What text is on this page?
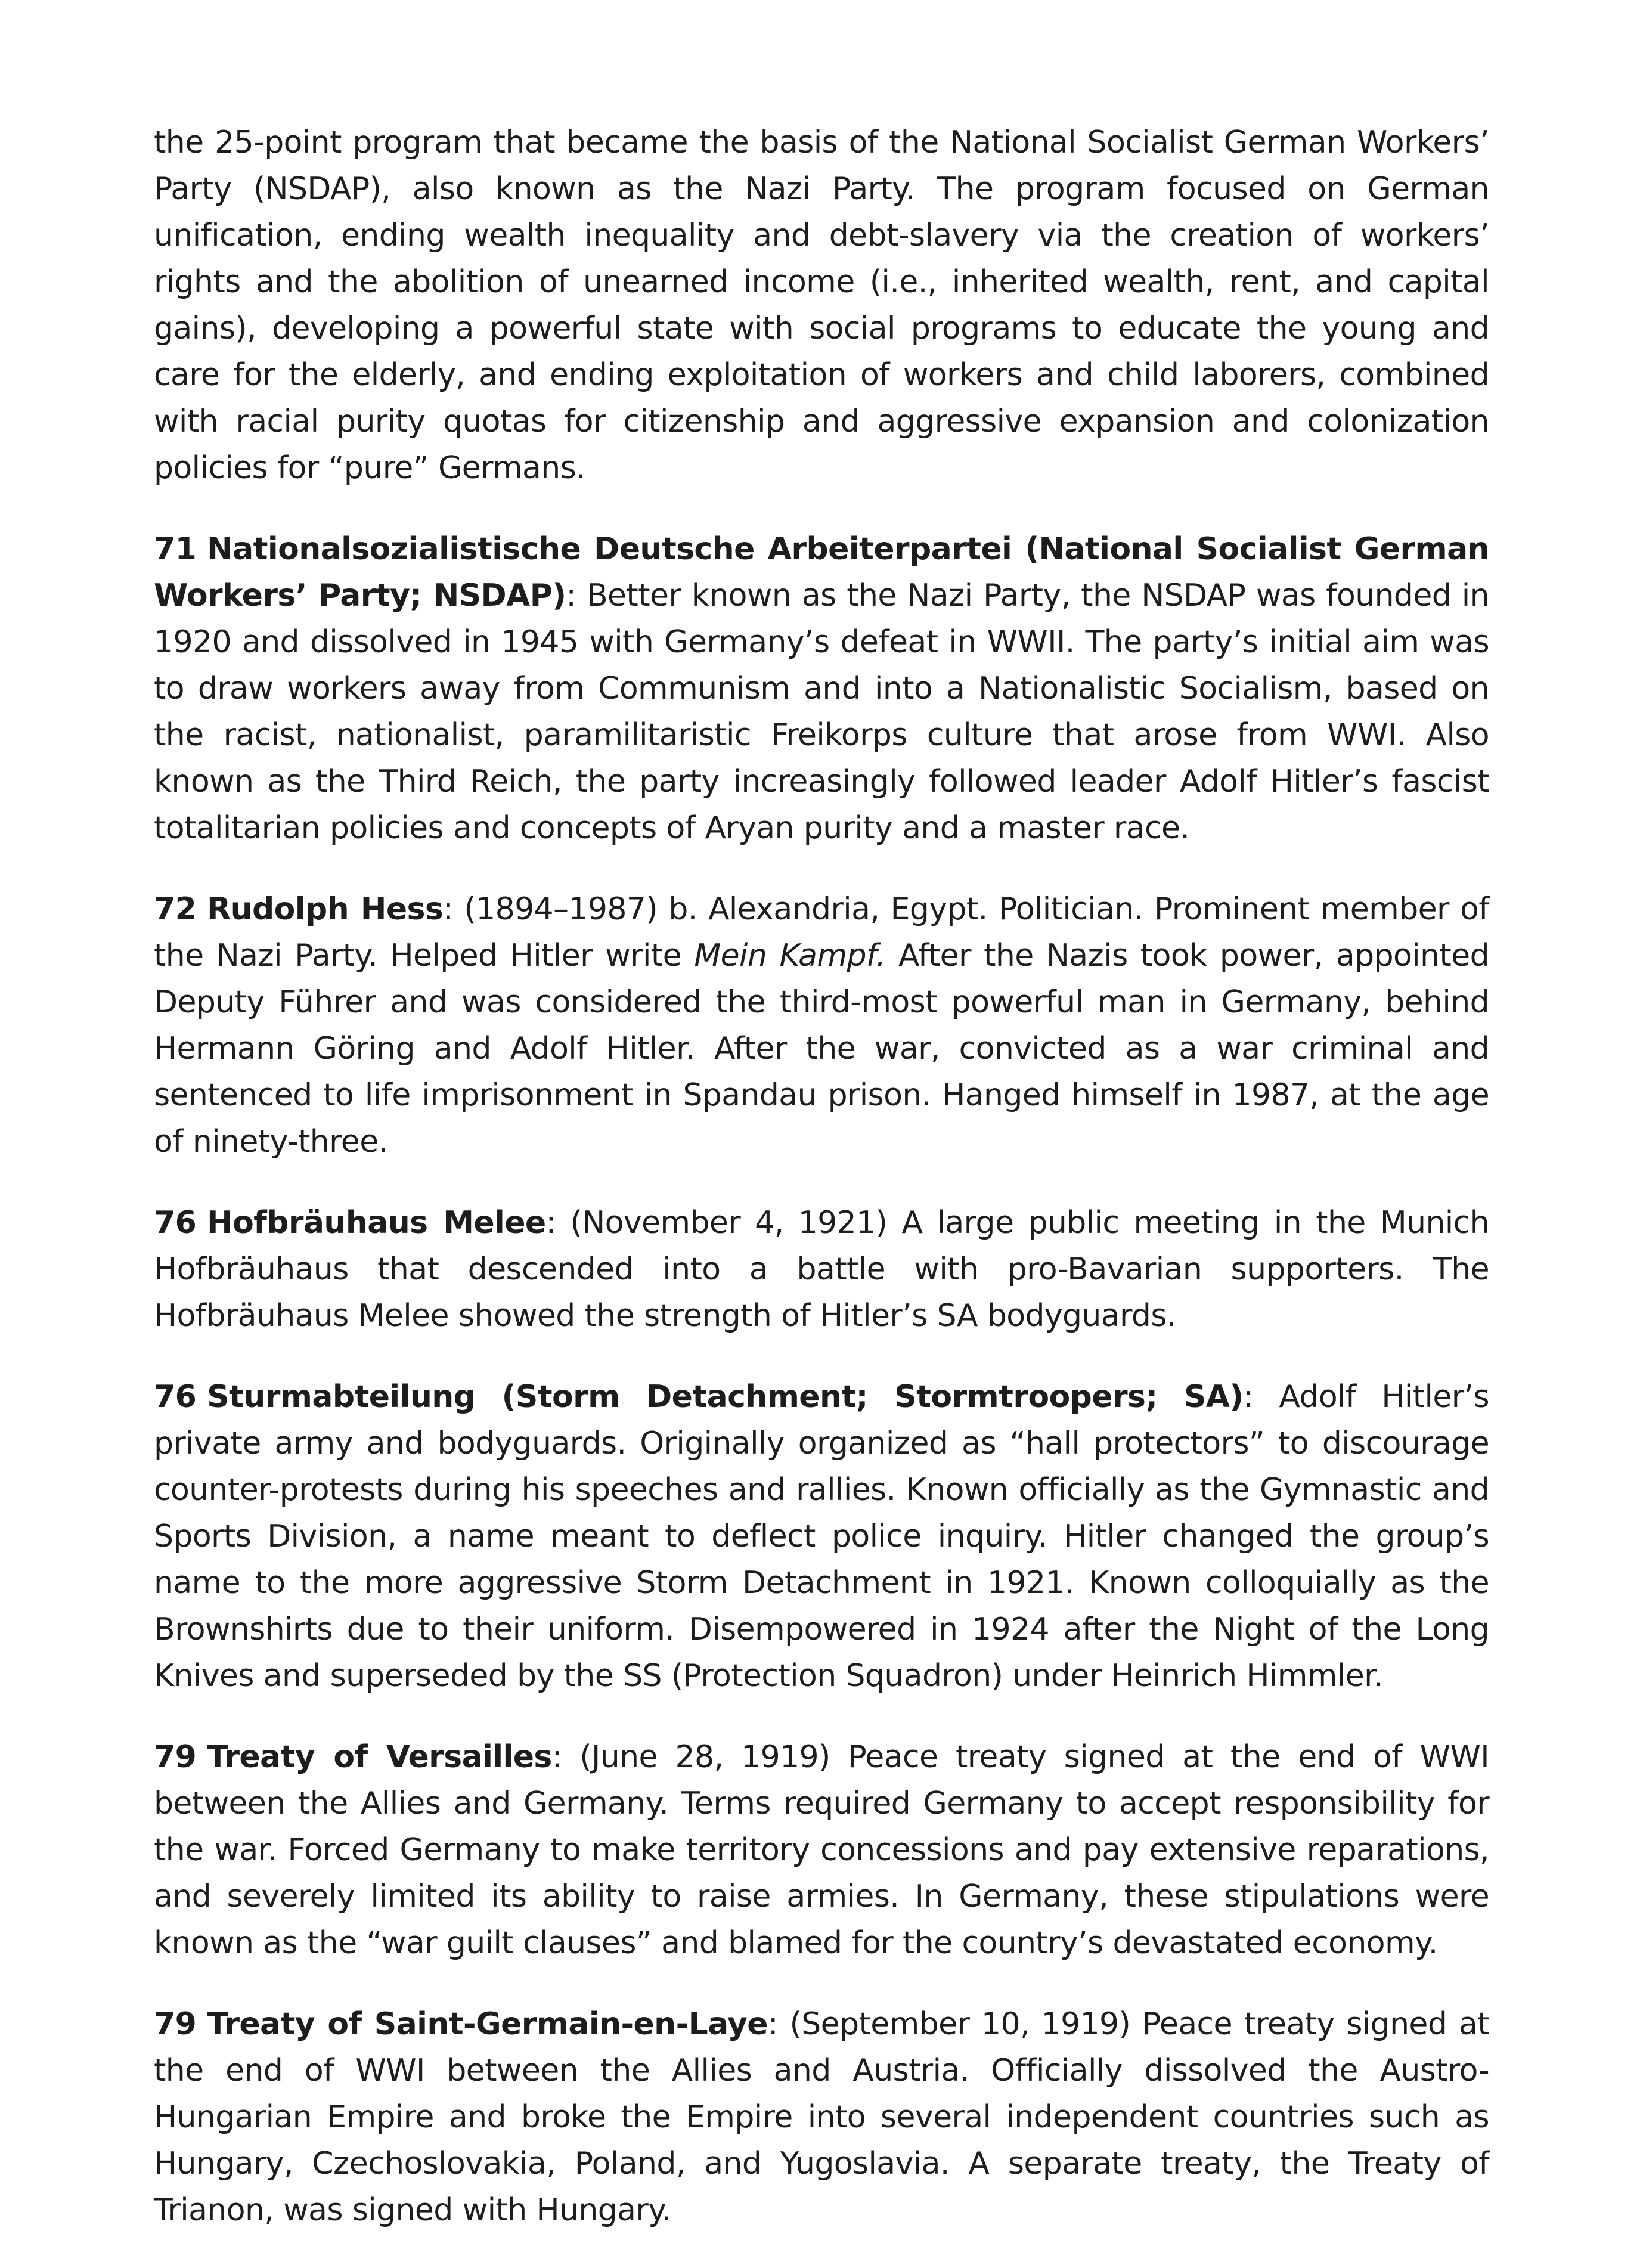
the 25-point program that became the basis of the National Socialist German Workers’ Party (NSDAP), also known as the Nazi Party. The program focused on German unification, ending wealth inequality and debt-slavery via the creation of workers’ rights and the abolition of unearned income (i.e., inherited wealth, rent, and capital gains), developing a powerful state with social programs to educate the young and care for the elderly, and ending exploitation of workers and child laborers, combined with racial purity quotas for citizenship and aggressive expansion and colonization policies for “pure” Germans.

71 Nationalsozialistische Deutsche Arbeiterpartei (National Socialist German Workers’ Party; NSDAP): Better known as the Nazi Party, the NSDAP was founded in 1920 and dissolved in 1945 with Germany’s defeat in WWII. The party’s initial aim was to draw workers away from Communism and into a Nationalistic Socialism, based on the racist, nationalist, paramilitaristic Freikorps culture that arose from WWI. Also known as the Third Reich, the party increasingly followed leader Adolf Hitler’s fascist totalitarian policies and concepts of Aryan purity and a master race.

72 Rudolph Hess: (1894–1987) b. Alexandria, Egypt. Politician. Prominent member of the Nazi Party. Helped Hitler write Mein Kampf. After the Nazis took power, appointed Deputy Führer and was considered the third-most powerful man in Germany, behind Hermann Göring and Adolf Hitler. After the war, convicted as a war criminal and sentenced to life imprisonment in Spandau prison. Hanged himself in 1987, at the age of ninety-three.

76 Hofbräuhaus Melee: (November 4, 1921) A large public meeting in the Munich Hofbräuhaus that descended into a battle with pro-Bavarian supporters. The Hofbräuhaus Melee showed the strength of Hitler’s SA bodyguards.

76 Sturmabteilung (Storm Detachment; Stormtroopers; SA): Adolf Hitler’s private army and bodyguards. Originally organized as “hall protectors” to discourage counter-protests during his speeches and rallies. Known officially as the Gymnastic and Sports Division, a name meant to deflect police inquiry. Hitler changed the group’s name to the more aggressive Storm Detachment in 1921. Known colloquially as the Brownshirts due to their uniform. Disempowered in 1924 after the Night of the Long Knives and superseded by the SS (Protection Squadron) under Heinrich Himmler.

79 Treaty of Versailles: (June 28, 1919) Peace treaty signed at the end of WWI between the Allies and Germany. Terms required Germany to accept responsibility for the war. Forced Germany to make territory concessions and pay extensive reparations, and severely limited its ability to raise armies. In Germany, these stipulations were known as the “war guilt clauses” and blamed for the country’s devastated economy.

79 Treaty of Saint-Germain-en-Laye: (September 10, 1919) Peace treaty signed at the end of WWI between the Allies and Austria. Officially dissolved the Austro-Hungarian Empire and broke the Empire into several independent countries such as Hungary, Czechoslovakia, Poland, and Yugoslavia. A separate treaty, the Treaty of Trianon, was signed with Hungary.
